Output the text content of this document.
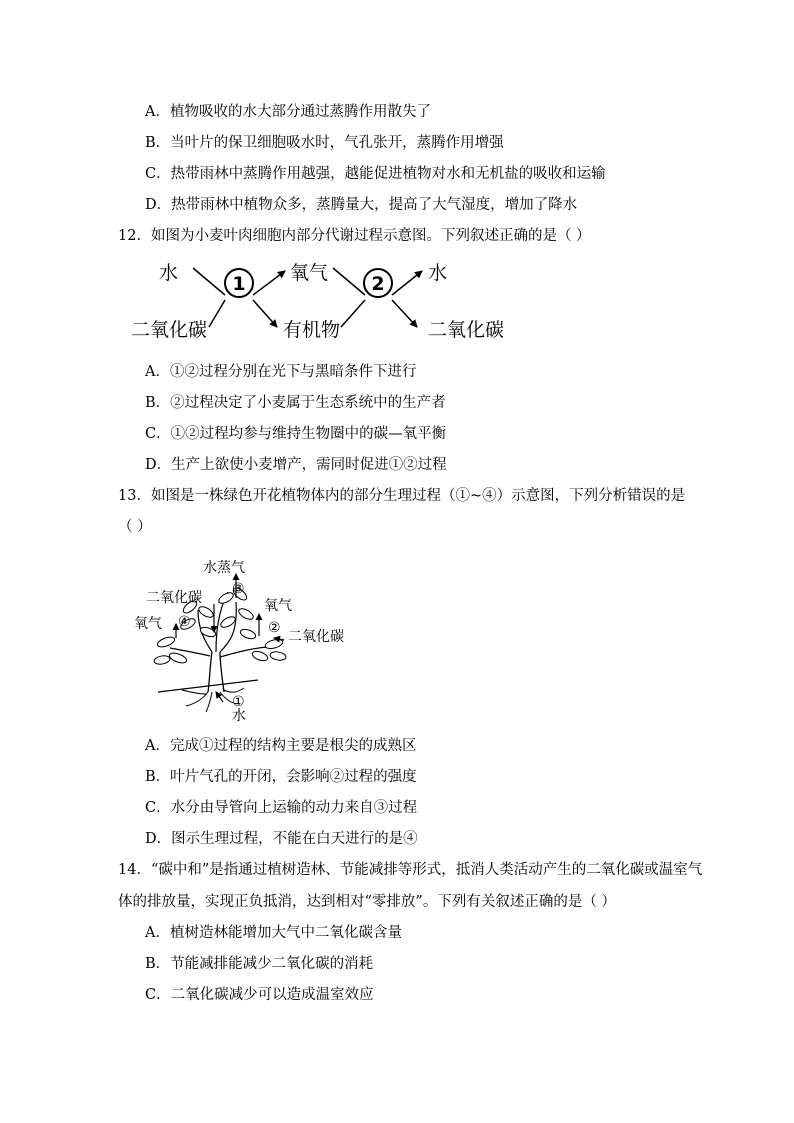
A．植物吸收的水大部分通过蒸腾作用散失了
B．当叶片的保卫细胞吸水时，气孔张开，蒸腾作用增强
C．热带雨林中蒸腾作用越强，越能促进植物对水和无机盐的吸收和运输
D．热带雨林中植物众多，蒸腾量大，提高了大气湿度，增加了降水
12．如图为小麦叶肉细胞内部分代谢过程示意图。下列叙述正确的是（ ）
水
二氧化碳
1 氧气
有机物
2 水
二氧化碳
A．①②过程分别在光下与黑暗条件下进行
B．②过程决定了小麦属于生态系统中的生产者
C．①②过程均参与维持生物圈中的碳—氧平衡
D．生产上欲使小麦增产，需同时促进①②过程
13．如图是一株绿色开花植物体内的部分生理过程（①~④）示意图，下列分析错误的是
（ ）
水蒸气
③
二氧化碳
氧气 ④
氧气
②
二氧化碳
①
水
A．完成①过程的结构主要是根尖的成熟区
B．叶片气孔的开闭，会影响②过程的强度
C．水分由导管向上运输的动力来自③过程
D．图示生理过程，不能在白天进行的是④
14．“碳中和”是指通过植树造林、节能减排等形式，抵消人类活动产生的二氧化碳或温室气
体的排放量，实现正负抵消，达到相对“零排放”。下列有关叙述正确的是（ ）
A．植树造林能增加大气中二氧化碳含量
B．节能减排能减少二氧化碳的消耗
C．二氧化碳减少可以造成温室效应
